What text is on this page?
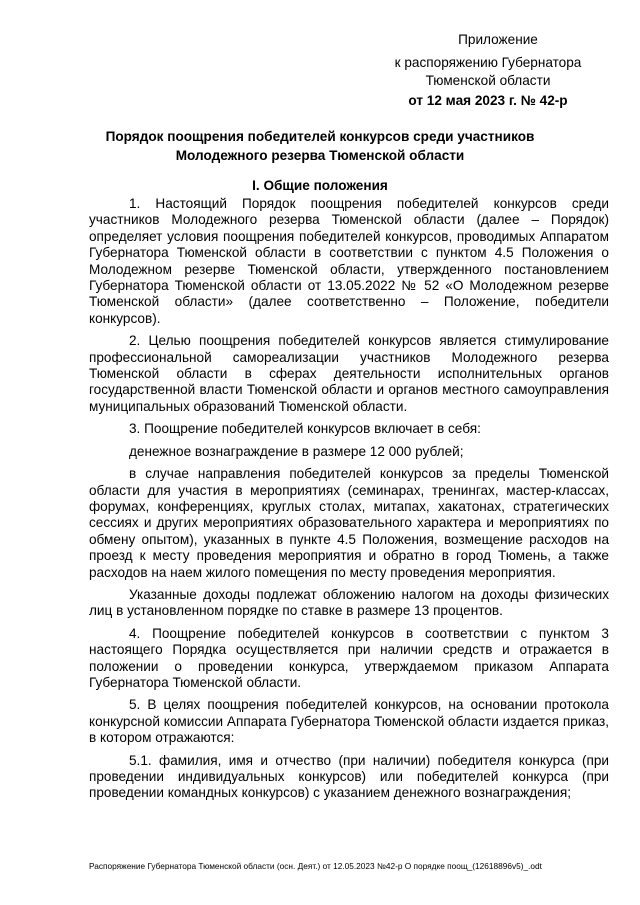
Приложение
к распоряжению Губернатора
Тюменской области
от 12 мая 2023 г. № 42-р
Порядок поощрения победителей конкурсов среди участников
Молодежного резерва Тюменской области
I. Общие положения

1. Настоящий Порядок поощрения победителей конкурсов среди участников Молодежного резерва Тюменской области (далее – Порядок) определяет условия поощрения победителей конкурсов, проводимых Аппаратом Губернатора Тюменской области в соответствии с пунктом 4.5 Положения о Молодежном резерве Тюменской области, утвержденного постановлением Губернатора Тюменской области от 13.05.2022 № 52 «О Молодежном резерве Тюменской области» (далее соответственно – Положение, победители конкурсов).

2. Целью поощрения победителей конкурсов является стимулирование профессиональной самореализации участников Молодежного резерва Тюменской области в сферах деятельности исполнительных органов государственной власти Тюменской области и органов местного самоуправления муниципальных образований Тюменской области.

3. Поощрение победителей конкурсов включает в себя:

денежное вознаграждение в размере 12 000 рублей;

в случае направления победителей конкурсов за пределы Тюменской области для участия в мероприятиях (семинарах, тренингах, мастер-классах, форумах, конференциях, круглых столах, митапах, хакатонах, стратегических сессиях и других мероприятиях образовательного характера и мероприятиях по обмену опытом), указанных в пункте 4.5 Положения, возмещение расходов на проезд к месту проведения мероприятия и обратно в город Тюмень, а также расходов на наем жилого помещения по месту проведения мероприятия.

Указанные доходы подлежат обложению налогом на доходы физических лиц в установленном порядке по ставке в размере 13 процентов.

4. Поощрение победителей конкурсов в соответствии с пунктом 3 настоящего Порядка осуществляется при наличии средств и отражается в положении о проведении конкурса, утверждаемом приказом Аппарата Губернатора Тюменской области.

5. В целях поощрения победителей конкурсов, на основании протокола конкурсной комиссии Аппарата Губернатора Тюменской области издается приказ, в котором отражаются:

5.1. фамилия, имя и отчество (при наличии) победителя конкурса (при проведении индивидуальных конкурсов) или победителей конкурса (при проведении командных конкурсов) с указанием денежного вознаграждения;

Распоряжение Губернатора Тюменской области (осн. Деят.) от 12.05.2023 №42-р О порядке поощ_(12618896v5)_.odt
